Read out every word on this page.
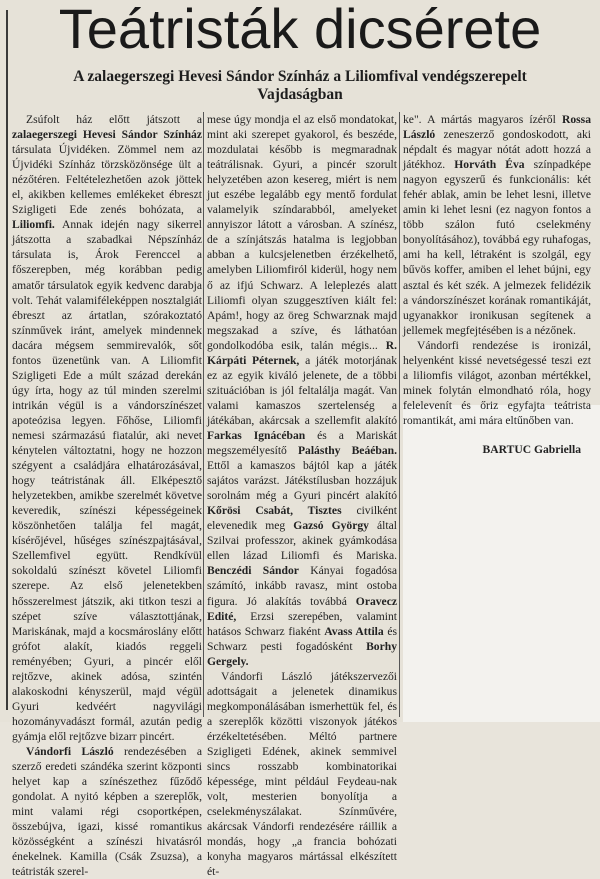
Teátristák dicsérete
A zalaegerszegi Hevesi Sándor Színház a Liliomfival vendégszerepelt Vajdaságban

Zsúfolt ház előtt játszott a zalaegerszegi Hevesi Sándor Színház társulata Újvidéken. Zömmel nem az Újvidéki Színház törzsközönsége ült a nézőtéren. Feltételezhetően azok jöttek el, akikben kellemes emlékeket ébreszt Szigligeti Ede zenés bohózata, a Liliomfi. Annak idején nagy sikerrel játszotta a szabadkai Népszínház társulata is, Árok Ferenccel a főszerepben, még korábban pedig amatőr társulatok egyik kedvenc darabja volt. Tehát valamiféleképpen nosztalgiát ébreszt az ártatlan, szórakoztató színművek iránt, amelyek mindennek dacára mégsem semmirevalók, sőt fontos üzenetünk van. A Liliomfit Szigligeti Ede a múlt század derekán úgy írta, hogy az túl minden szerelmi intrikán végül is a vándorszínészet apoteózisa legyen. Főhőse, Liliomfi nemesi származású fiatalúr, aki nevet kénytelen változtatni, hogy ne hozzon szégyent a családjára elhatározásával, hogy teátristának áll. Elképesztő helyzetekben, amikbe szerelmét követve keveredik, színészi képességeinek köszönhetően találja fel magát, kísérőjével, hűséges színészpajtásával, Szellemfivel együtt. Rendkívül sokoldalú színészt követel Liliomfi szerepe. Az első jelenetekben hősszerelmest játszik, aki titkon teszi a szépet szíve választottjának, Mariskának, majd a kocsmároslány előtt grófot alakít, kiadós reggeli reményében; Gyuri, a pincér elől rejtőzve, akinek adósa, szintén alakoskodni kényszerül, majd végül Gyuri kedvéért nagyvilági hozományvadászt formál, azután pedig gyámja elől rejtőzve bizarr pincért.

Vándorfi László rendezésében a szerző eredeti szándéka szerint központi helyet kap a színészethez fűződő gondolat. A nyitó képben a szereplők, mint valami régi csoportképen, összebújva, igazi, kissé romantikus közösségként a színészi hivatásról énekelnek. Kamilla (Csák Zsuzsa), a teátristák szerel-

mese úgy mondja el az első mondatokat, mint aki szerepet gyakorol, és beszéde, mozdulatai később is megmaradnak teátrálisnak. Gyuri, a pincér szorult helyzetében azon kesereg, miért is nem jut eszébe legalább egy mentő fordulat valamelyik színdarabból, amelyeket annyiszor látott a városban. A színész, de a színjátszás hatalma is legjobban abban a kulcsjelenetben érzékelhető, amelyben Liliomfiról kiderül, hogy nem ő az ifjú Schwarz. A leleplezés alatt Liliomfi olyan szuggesztíven kiált fel: Apám!, hogy az öreg Schwarznak majd megszakad a szíve, és láthatóan gondolkodóba esik, talán mégis... R. Kárpáti Péternek, a játék motorjának ez az egyik kiváló jelenete, de a többi szituációban is jól feltalálja magát. Van valami kamaszos szertelenség a játékában, akárcsak a szellemfit alakító Farkas Ignácéban és a Mariskát megszemélyesítő Palásthy Beáéban. Ettől a kamaszos bájtól kap a játék sajátos varázst. Játékstílusban hozzájuk sorolnám még a Gyuri pincért alakító Kőrösi Csabát, Tisztes civilként elevenedik meg Gazsó György által Szilvai professzor, akinek gyámkodása ellen lázad Liliomfi és Mariska. Benczédi Sándor Kányai fogadósa számító, inkább ravasz, mint ostoba figura. Jó alakítás továbbá Oravecz Edité, Erzsi szerepében, valamint hatásos Schwarz fiaként Avass Attila és Schwarz pesti fogadósként Borhy Gergely.

Vándorfi László játékszervezői adottságait a jelenetek dinamikus megkomponálásában ismerhettük fel, és a szereplők közötti viszonyok játékos érzékeltetésében. Méltó partnere Szigligeti Edének, akinek semmivel sincs rosszabb kombinatorikai képessége, mint például Feydeau-nak volt, mesterien bonyolítja a cselekményszálakat. Színművére, akárcsak Vándorfi rendezésére ráillik a mondás, hogy „a francia bohózati konyha magyaros mártással elkészített ét-

ke". A mártás magyaros ízéről Rossa László zeneszerző gondoskodott, aki népdalt és magyar nótát adott hozzá a játékhoz. Horváth Éva színpadképe nagyon egyszerű és funkcionális: két fehér ablak, amin be lehet lesni, illetve amin ki lehet lesni (ez nagyon fontos a több szálon futó cselekmény bonyolításához), továbbá egy ruhafogas, ami ha kell, létraként is szolgál, egy bűvös koffer, amiben el lehet bújni, egy asztal és két szék. A jelmezek felidézik a vándorszínészet korának romantikáját, ugyanakkor ironikusan segítenek a jellemek megfejtésében is a nézőnek.

Vándorfi rendezése is ironizál, helyenként kissé nevetségessé teszi ezt a liliomfis világot, azonban mértékkel, minek folytán elmondható róla, hogy felelevenít és őriz egyfajta teátrista romantikát, ami mára eltűnőben van.

BARTUC Gabriella
